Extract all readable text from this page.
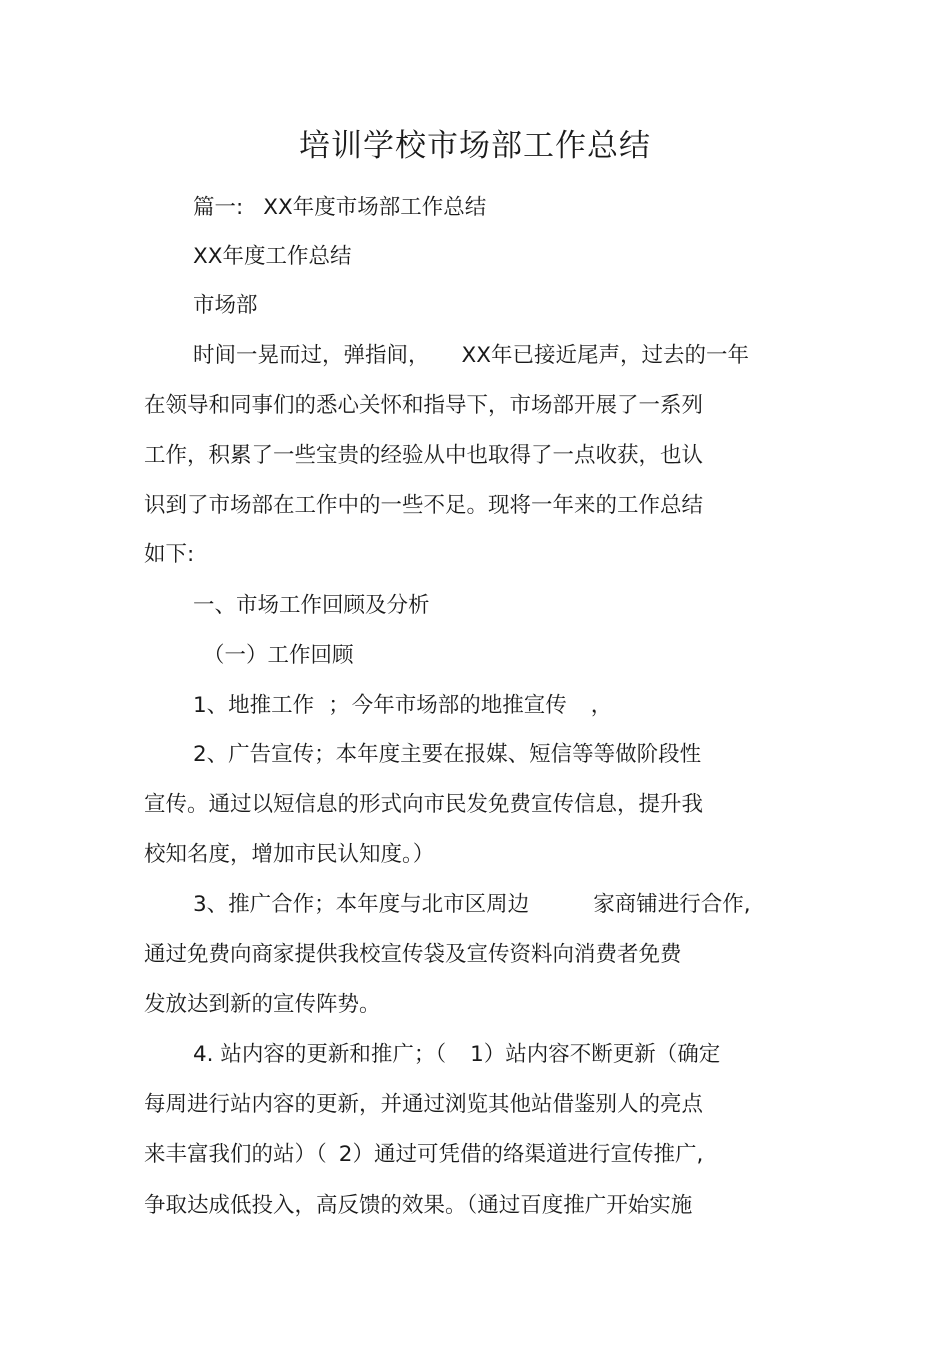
培训学校市场部工作总结
篇一: XX年度市场部工作总结
XX年度工作总结
市场部
时间一晃而过，弹指间， XX年已接近尾声，过去的一年
在领导和同事们的悉心关怀和指导下，市场部开展了一系列
工作，积累了一些宝贵的经验从中也取得了一点收获，也认
识到了市场部在工作中的一些不足。现将一年来的工作总结
如下:
一、市场工作回顾及分析
（一）工作回顾
1、地推工作 ；今年市场部的地推宣传 ，
2、广告宣传；本年度主要在报媒、短信等等做阶段性
宣传。通过以短信息的形式向市民发免费宣传信息，提升我
校知名度，增加市民认知度。）
3、推广合作；本年度与北市区周边	家商铺进行合作,
通过免费向商家提供我校宣传袋及宣传资料向消费者免费
发放达到新的宣传阵势。
4. 站内容的更新和推广；（ 1）站内容不断更新（确定
每周进行站内容的更新，并通过浏览其他站借鉴别人的亮点
来丰富我们的站）（ 2）通过可凭借的络渠道进行宣传推广,
争取达成低投入，高反馈的效果。（通过百度推广开始实施
